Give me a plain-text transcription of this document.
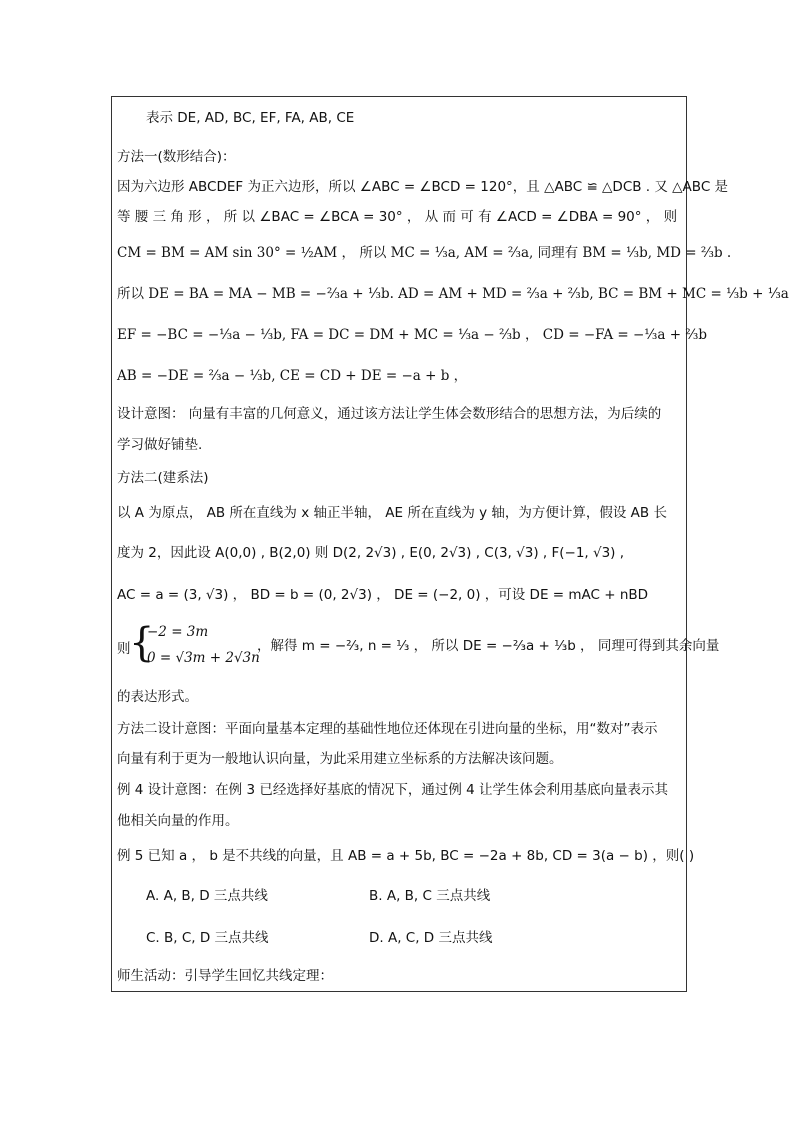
表示 DE, AD, BC, EF, FA, AB, CE
方法一(数形结合)：
因为六边形 ABCDEF 为正六边形，所以 ∠ABC = ∠BCD = 120°，且 △ABC ≌ △DCB . 又 △ABC 是
等 腰 三 角 形 ， 所 以 ∠BAC = ∠BCA = 30° ， 从 而 可 有 ∠ACD = ∠DBA = 90° ， 则
CM = BM = AM sin 30° = ½AM ， 所以 MC = ⅓a, AM = ⅔a, 同理有 BM = ⅓b, MD = ⅔b .
所以 DE = BA = MA − MB = −⅔a + ⅓b. AD = AM + MD = ⅔a + ⅔b, BC = BM + MC = ⅓b + ⅓a
EF = −BC = −⅓a − ⅓b, FA = DC = DM + MC = ⅓a − ⅔b ， CD = −FA = −⅓a + ⅔b
AB = −DE = ⅔a − ⅓b, CE = CD + DE = −a + b ，
设计意图： 向量有丰富的几何意义，通过该方法让学生体会数形结合的思想方法，为后续的
学习做好铺垫.
方法二(建系法)
以 A 为原点， AB 所在直线为 x 轴正半轴， AE 所在直线为 y 轴，为方便计算，假设 AB 长
度为 2，因此设 A(0,0) , B(2,0) 则 D(2, 2√3) , E(0, 2√3) , C(3, √3) , F(−1, √3) ,
AC = a = (3, √3) ， BD = b = (0, 2√3) ， DE = (−2, 0) ，可设 DE = mAC + nBD
则
{
−2 = 3m
0 = √3m + 2√3n
，解得 m = −⅔, n = ⅓ ， 所以 DE = −⅔a + ⅓b ， 同理可得到其余向量
的表达形式。
方法二设计意图：平面向量基本定理的基础性地位还体现在引进向量的坐标，用“数对”表示
向量有利于更为一般地认识向量，为此采用建立坐标系的方法解决该问题。
例 4 设计意图：在例 3 已经选择好基底的情况下，通过例 4 让学生体会利用基底向量表示其
他相关向量的作用。
例 5 已知 a ， b 是不共线的向量，且 AB = a + 5b, BC = −2a + 8b, CD = 3(a − b) ，则( )
A. A, B, D 三点共线	B. A, B, C 三点共线
C. B, C, D 三点共线	D. A, C, D 三点共线
师生活动：引导学生回忆共线定理：
